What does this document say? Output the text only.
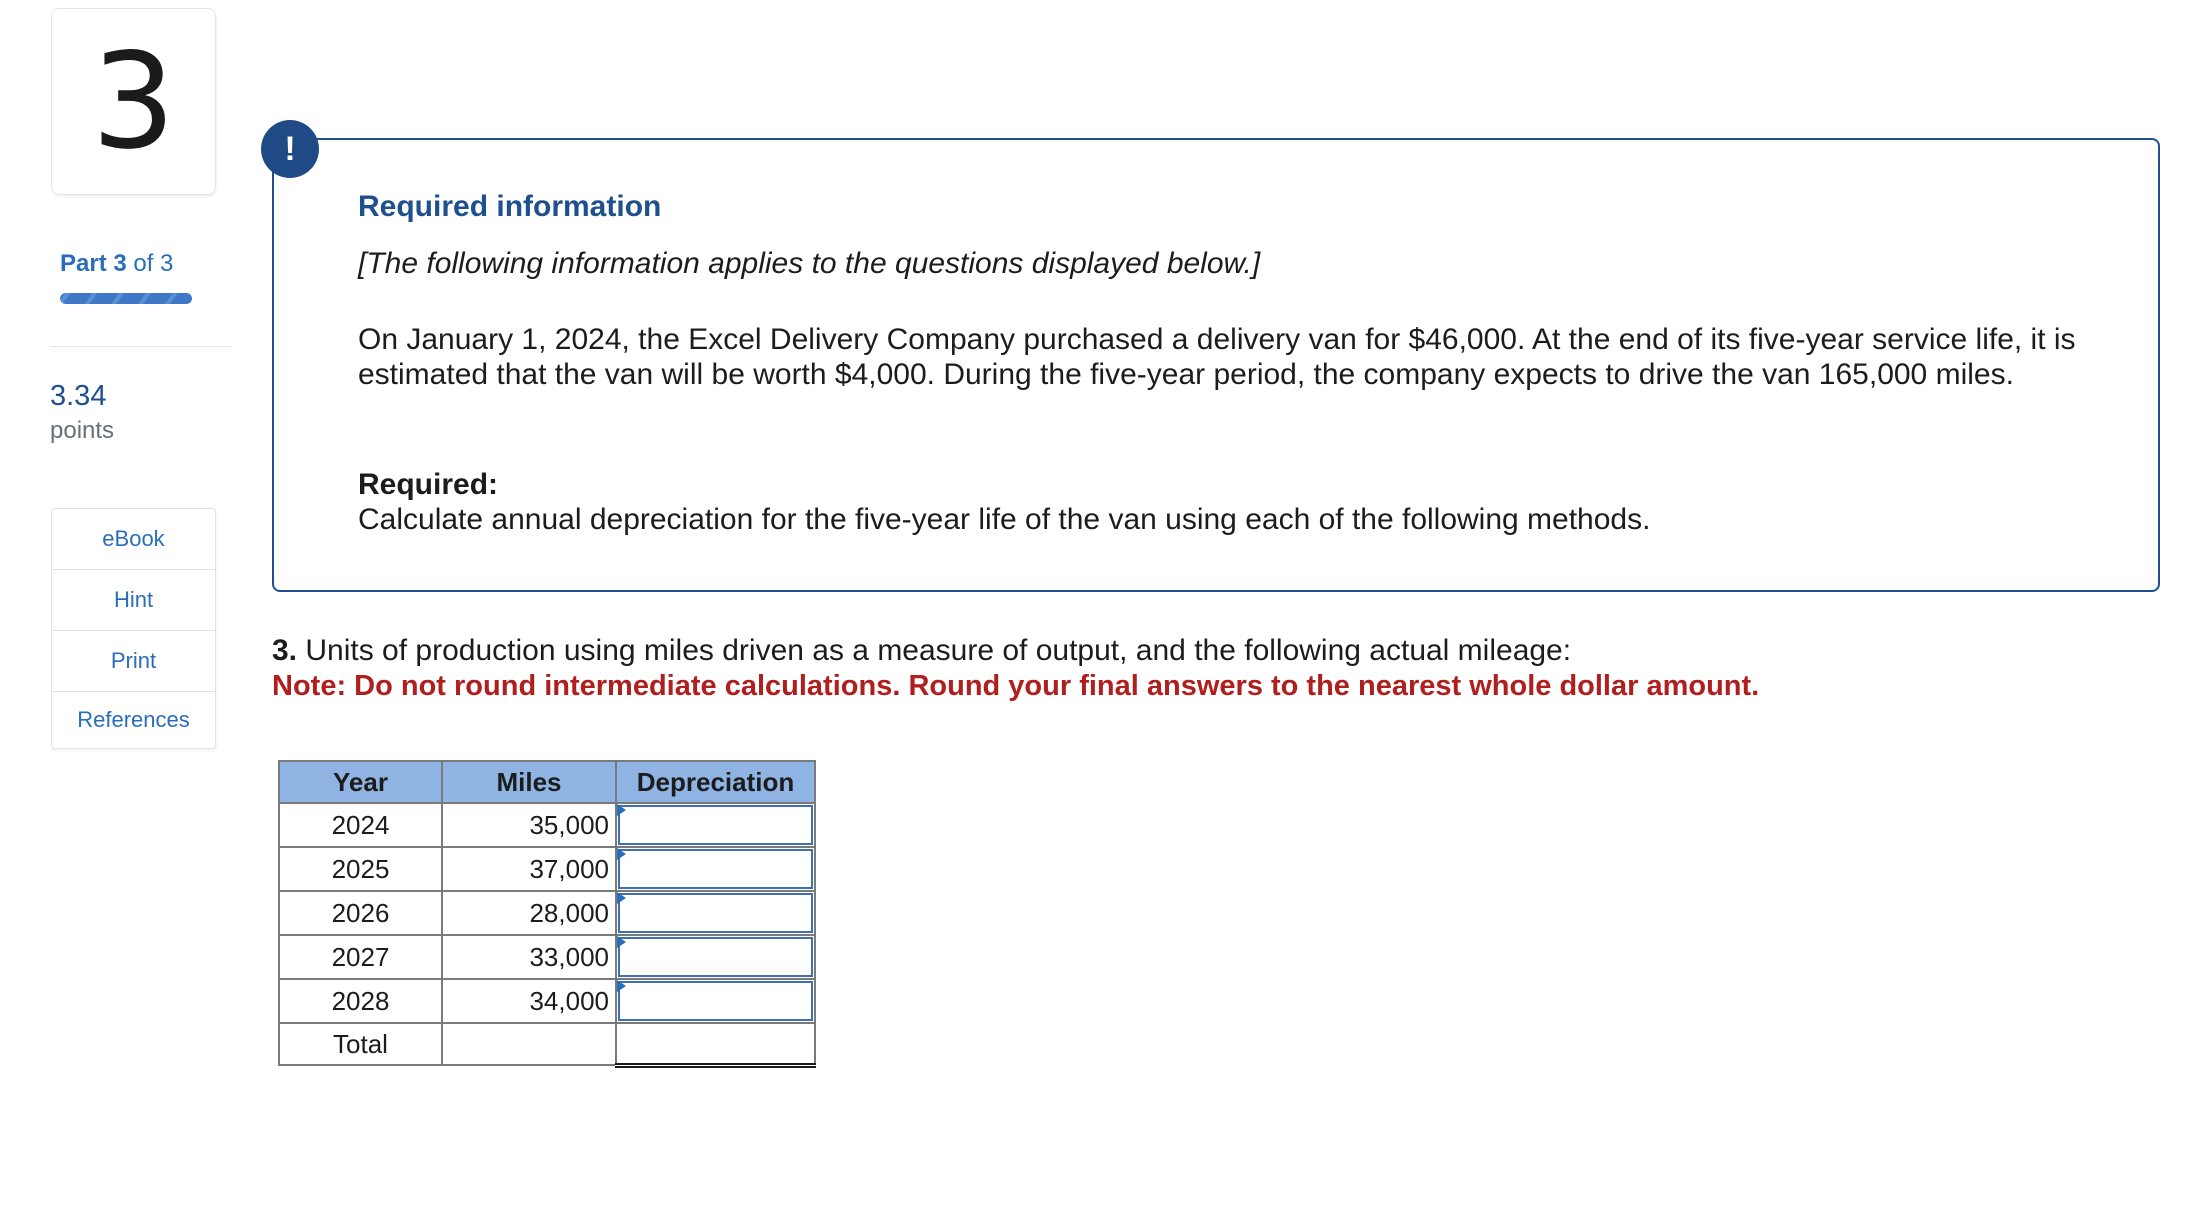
3
Part 3 of 3
3.34
points
eBook
Hint
Print
References
!
Required information
[The following information applies to the questions displayed below.]
On January 1, 2024, the Excel Delivery Company purchased a delivery van for $46,000. At the end of its five-year service life, it is estimated that the van will be worth $4,000. During the five-year period, the company expects to drive the van 165,000 miles.
Required:
Calculate annual depreciation for the five-year life of the van using each of the following methods.
3. Units of production using miles driven as a measure of output, and the following actual mileage:
Note: Do not round intermediate calculations. Round your final answers to the nearest whole dollar amount.
Year	Miles	Depreciation
2024	35,000	

2025	37,000	

2026	28,000	

2027	33,000	

2028	34,000	

Total		
